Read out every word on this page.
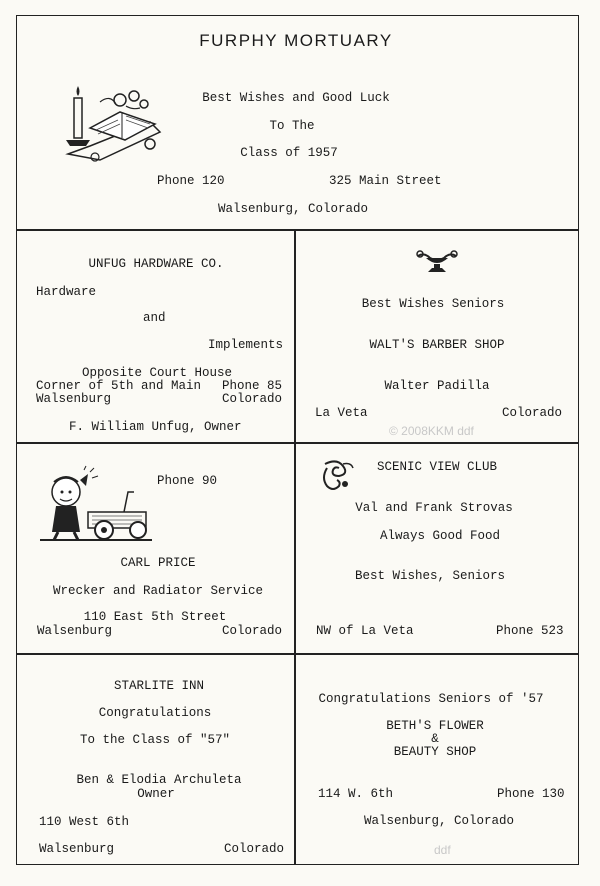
FURPHY MORTUARY
Best Wishes and Good Luck
To The
Class of 1957
Phone 120	325 Main Street
Walsenburg, Colorado
UNFUG HARDWARE CO.
Hardware
and
Implements
Opposite Court House
Corner of 5th and Main Phone 85
Walsenburg	Colorado
F. William Unfug, Owner
Best Wishes Seniors
WALT'S BARBER SHOP
Walter Padilla
La Veta	Colorado
© 2008KKM ddf
Phone 90
CARL PRICE
Wrecker and Radiator Service
110 East 5th Street
Walsenburg	Colorado
SCENIC VIEW CLUB
Val and Frank Strovas
Always Good Food
Best Wishes, Seniors
NW of La Veta	Phone 523
STARLITE INN
Congratulations
To the Class of "57"
Ben & Elodia Archuleta
Owner
110 West 6th
Walsenburg	Colorado
Congratulations Seniors of '57
BETH'S FLOWER
&
BEAUTY SHOP
114 W. 6th	Phone 130
Walsenburg, Colorado
ddf
